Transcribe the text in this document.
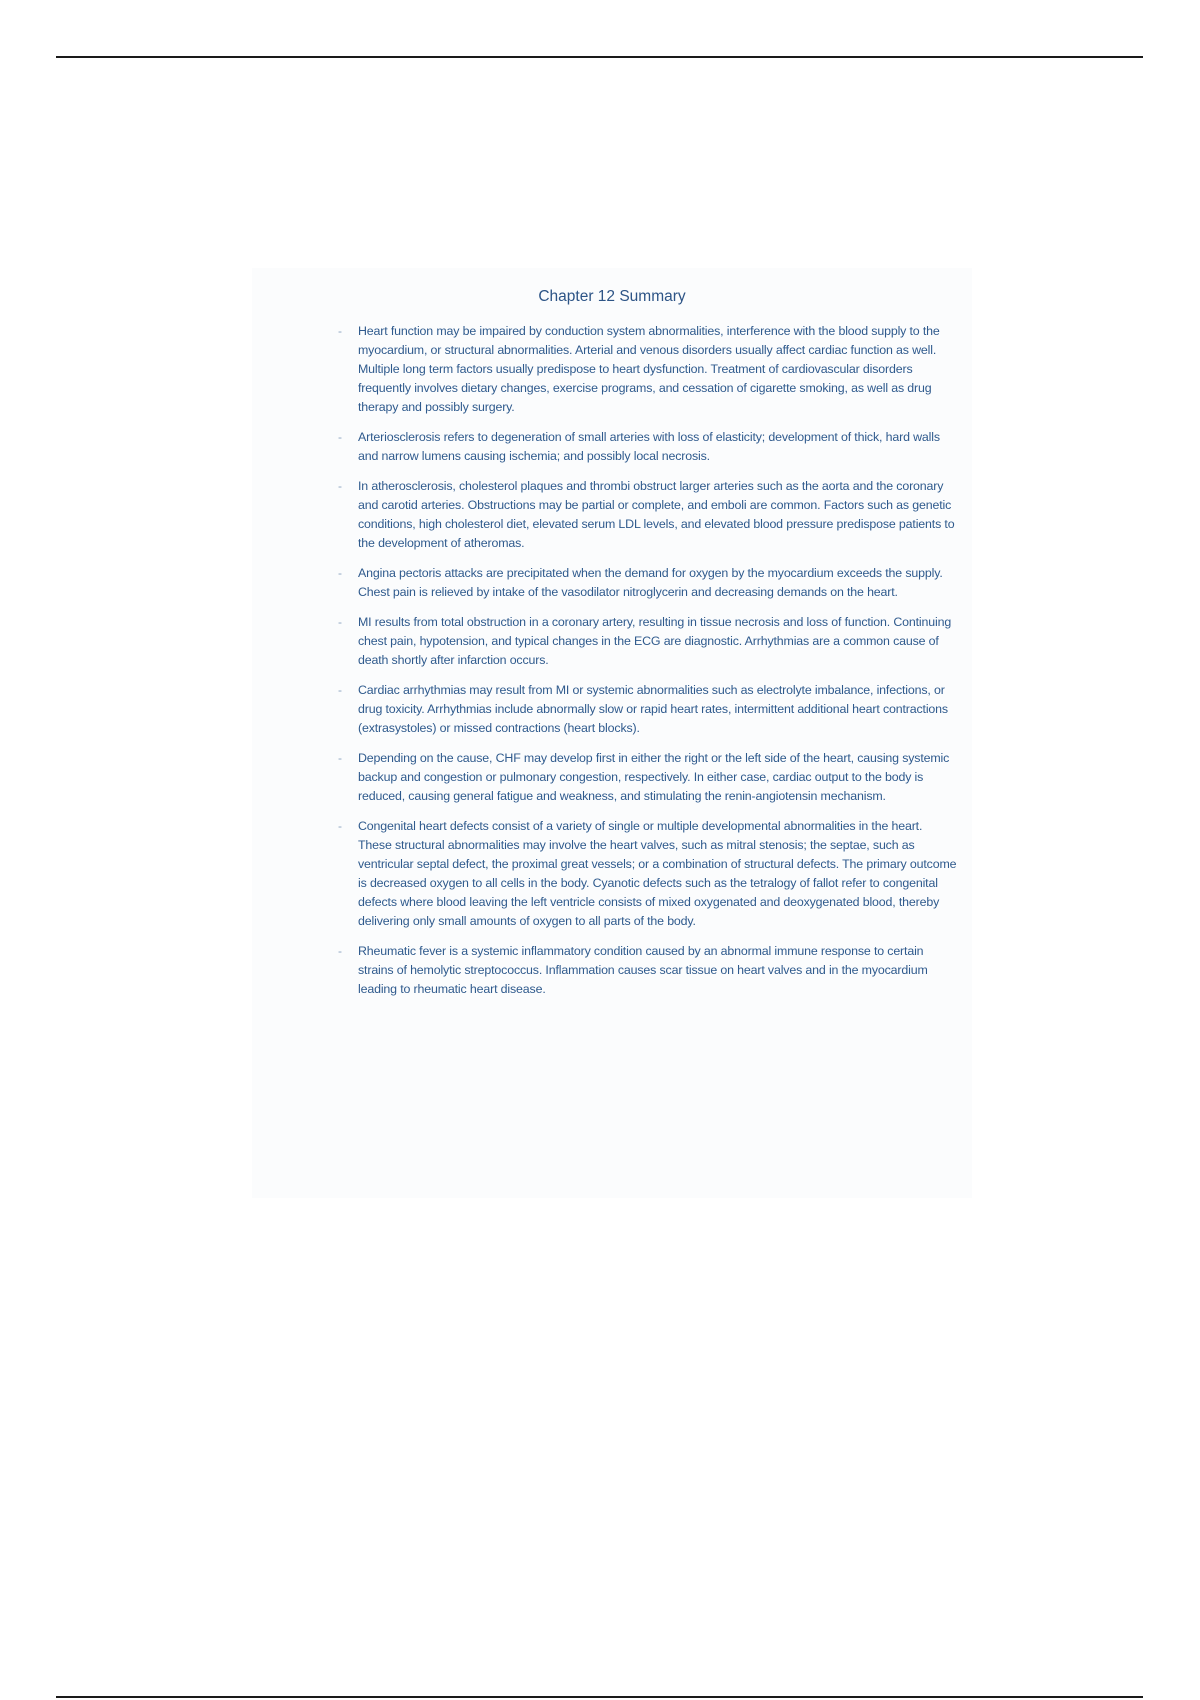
Chapter 12 Summary
- Heart function may be impaired by conduction system abnormalities, interference with the blood supply to the myocardium, or structural abnormalities. Arterial and venous disorders usually affect cardiac function as well. Multiple long term factors usually predispose to heart dysfunction. Treatment of cardiovascular disorders frequently involves dietary changes, exercise programs, and cessation of cigarette smoking, as well as drug therapy and possibly surgery.
- Arteriosclerosis refers to degeneration of small arteries with loss of elasticity; development of thick, hard walls and narrow lumens causing ischemia; and possibly local necrosis.
- In atherosclerosis, cholesterol plaques and thrombi obstruct larger arteries such as the aorta and the coronary and carotid arteries. Obstructions may be partial or complete, and emboli are common. Factors such as genetic conditions, high cholesterol diet, elevated serum LDL levels, and elevated blood pressure predispose patients to the development of atheromas.
- Angina pectoris attacks are precipitated when the demand for oxygen by the myocardium exceeds the supply. Chest pain is relieved by intake of the vasodilator nitroglycerin and decreasing demands on the heart.
- MI results from total obstruction in a coronary artery, resulting in tissue necrosis and loss of function. Continuing chest pain, hypotension, and typical changes in the ECG are diagnostic. Arrhythmias are a common cause of death shortly after infarction occurs.
- Cardiac arrhythmias may result from MI or systemic abnormalities such as electrolyte imbalance, infections, or drug toxicity. Arrhythmias include abnormally slow or rapid heart rates, intermittent additional heart contractions (extrasystoles) or missed contractions (heart blocks).
- Depending on the cause, CHF may develop first in either the right or the left side of the heart, causing systemic backup and congestion or pulmonary congestion, respectively. In either case, cardiac output to the body is reduced, causing general fatigue and weakness, and stimulating the renin-angiotensin mechanism.
- Congenital heart defects consist of a variety of single or multiple developmental abnormalities in the heart. These structural abnormalities may involve the heart valves, such as mitral stenosis; the septae, such as ventricular septal defect, the proximal great vessels; or a combination of structural defects. The primary outcome is decreased oxygen to all cells in the body. Cyanotic defects such as the tetralogy of fallot refer to congenital defects where blood leaving the left ventricle consists of mixed oxygenated and deoxygenated blood, thereby delivering only small amounts of oxygen to all parts of the body.
- Rheumatic fever is a systemic inflammatory condition caused by an abnormal immune response to certain strains of hemolytic streptococcus. Inflammation causes scar tissue on heart valves and in the myocardium leading to rheumatic heart disease.
